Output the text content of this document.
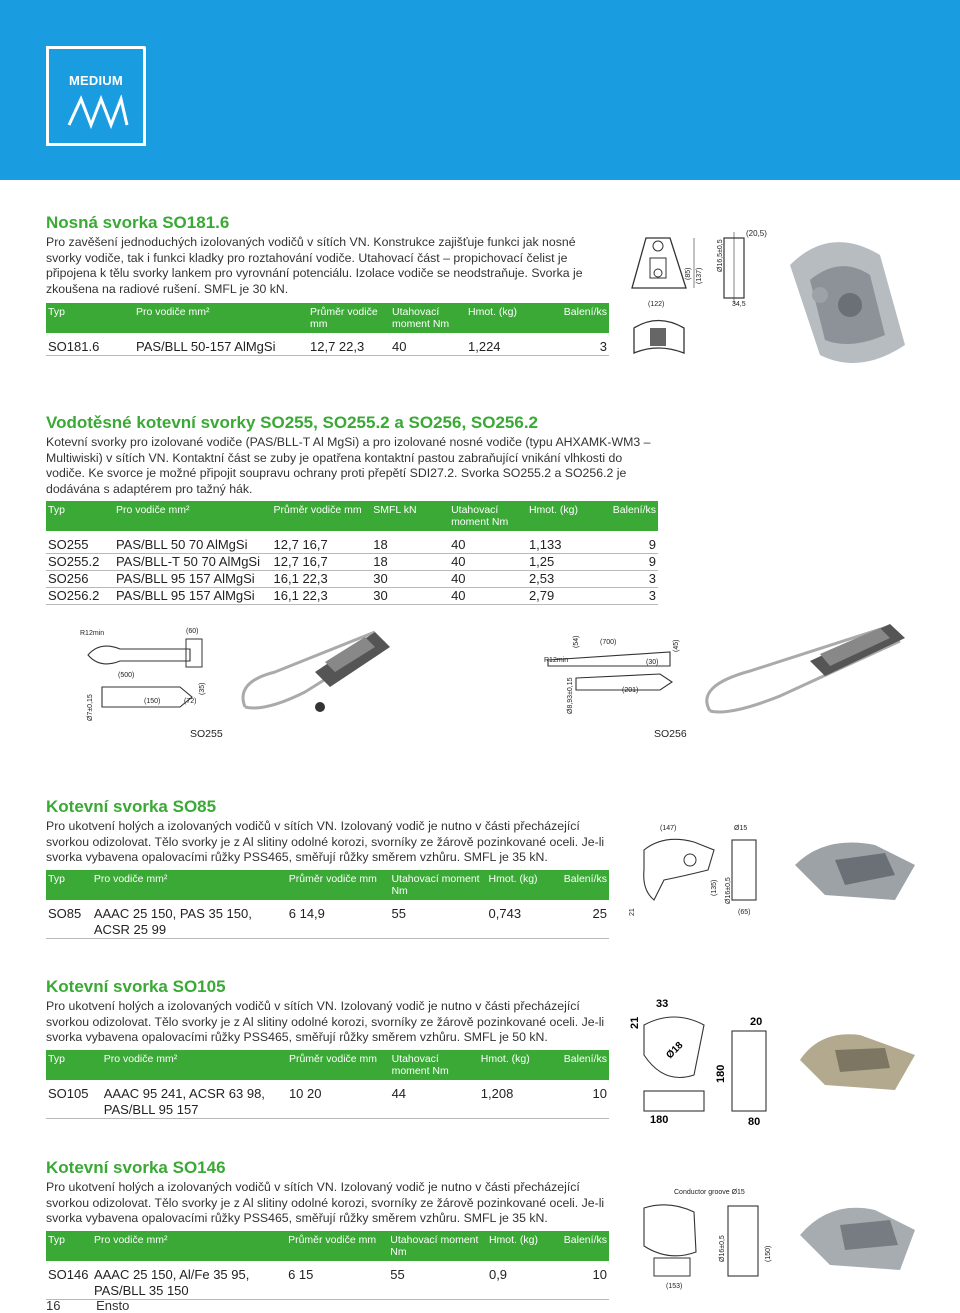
MEDIUM
Nosná svorka SO181.6

Pro zavěšení jednoduchých izolovaných vodičů v sítích VN. Konstrukce zajišťuje funkci jak nosné svorky vodiče, tak i funkci kladky pro roztahování vodiče. Utahovací část – propichovací čelist je připojena k tělu svorky lankem pro vyrovnání potenciálu. Izolace vodiče se neodstraňuje. Svorka je zkoušena na radiové rušení. SMFL je 30 kN.

Typ	Pro vodiče mm²	Průměr vodiče mm	Utahovací moment Nm	Hmot. (kg)	Balení/ks
SO181.6	PAS/BLL 50-157 AlMgSi	12,7 22,3	40	1,224	3
(85) (137)
(122)
Ø16,5±0,5
34,5
(20,5)
Vodotěsné kotevní svorky SO255, SO255.2 a SO256, SO256.2

Kotevní svorky pro izolované vodiče (PAS/BLL-T Al MgSi) a pro izolované nosné vodiče (typu AHXAMK-WM3 – Multiwiski) v sítích VN. Kontaktní část se zuby je opatřena kontaktní pastou zabraňující vnikání vlhkosti do vodiče. Ke svorce je možné připojit soupravu ochrany proti přepětí SDI27.2. Svorka SO255.2 a SO256.2 je dodávána s adaptérem pro tažný hák.

Typ	Pro vodiče mm²	Průměr vodiče mm	SMFL kN	Utahovací moment Nm	Hmot. (kg)	Balení/ks
SO255	PAS/BLL 50 70 AlMgSi	12,7 16,7	18	40	1,133	9
SO255.2	PAS/BLL-T 50 70 AlMgSi	12,7 16,7	18	40	1,25	9
SO256	PAS/BLL 95 157 AlMgSi	16,1 22,3	30	40	2,53	3
SO256.2	PAS/BLL 95 157 AlMgSi	16,1 22,3	30	40	2,79	3
R12min	(60)
(500)
(150)	(72)
(35)
Ø7±0,15
SO255
(54)	(700)	(45)
R12min	(30)
(201)
Ø8,93±0,15
SO256
Kotevní svorka SO85

Pro ukotvení holých a izolovaných vodičů v sítích VN. Izolovaný vodič je nutno v části přecházející svorkou odizolovat. Tělo svorky je z Al slitiny odolné korozi, svorníky ze žárově pozinkované oceli. Je-li svorka vybavena opalovacími růžky PSS465, směřují růžky směrem vzhůru. SMFL je 35 kN.

Typ	Pro vodiče mm²	Průměr vodiče mm	Utahovací moment Nm	Hmot. (kg)	Balení/ks
SO85	AAAC 25 150, PAS 35 150, ACSR 25 99	6 14,9	55	0,743	25
(147)	Ø15
(135) Ø16±0,5
(65)
21
Kotevní svorka SO105

Pro ukotvení holých a izolovaných vodičů v sítích VN. Izolovaný vodič je nutno v části přecházející svorkou odizolovat. Tělo svorky je z Al slitiny odolné korozi, svorníky ze žárově pozinkované oceli. Je-li svorka vybavena opalovacími růžky PSS465, směřují růžky směrem vzhůru. SMFL je 50 kN.

Typ	Pro vodiče mm²	Průměr vodiče mm	Utahovací moment Nm	Hmot. (kg)	Balení/ks
SO105	AAAC 95 241, ACSR 63 98, PAS/BLL 95 157	10 20	44	1,208	10
33
21
Ø18
20
180
180	80
Kotevní svorka SO146

Pro ukotvení holých a izolovaných vodičů v sítích VN. Izolovaný vodič je nutno v části přecházející svorkou odizolovat. Tělo svorky je z Al slitiny odolné korozi, svorníky ze žárově pozinkované oceli. Je-li svorka vybavena opalovacími růžky PSS465, směřují růžky směrem vzhůru. SMFL je 35 kN.

Typ	Pro vodiče mm²	Průměr vodiče mm	Utahovací moment Nm	Hmot. (kg)	Balení/ks
SO146	AAAC 25 150, Al/Fe 35 95, PAS/BLL 35 150	6 15	55	0,9	10
Conductor groove Ø15
Ø16±0,5	(150)
(153)
16	Ensto
